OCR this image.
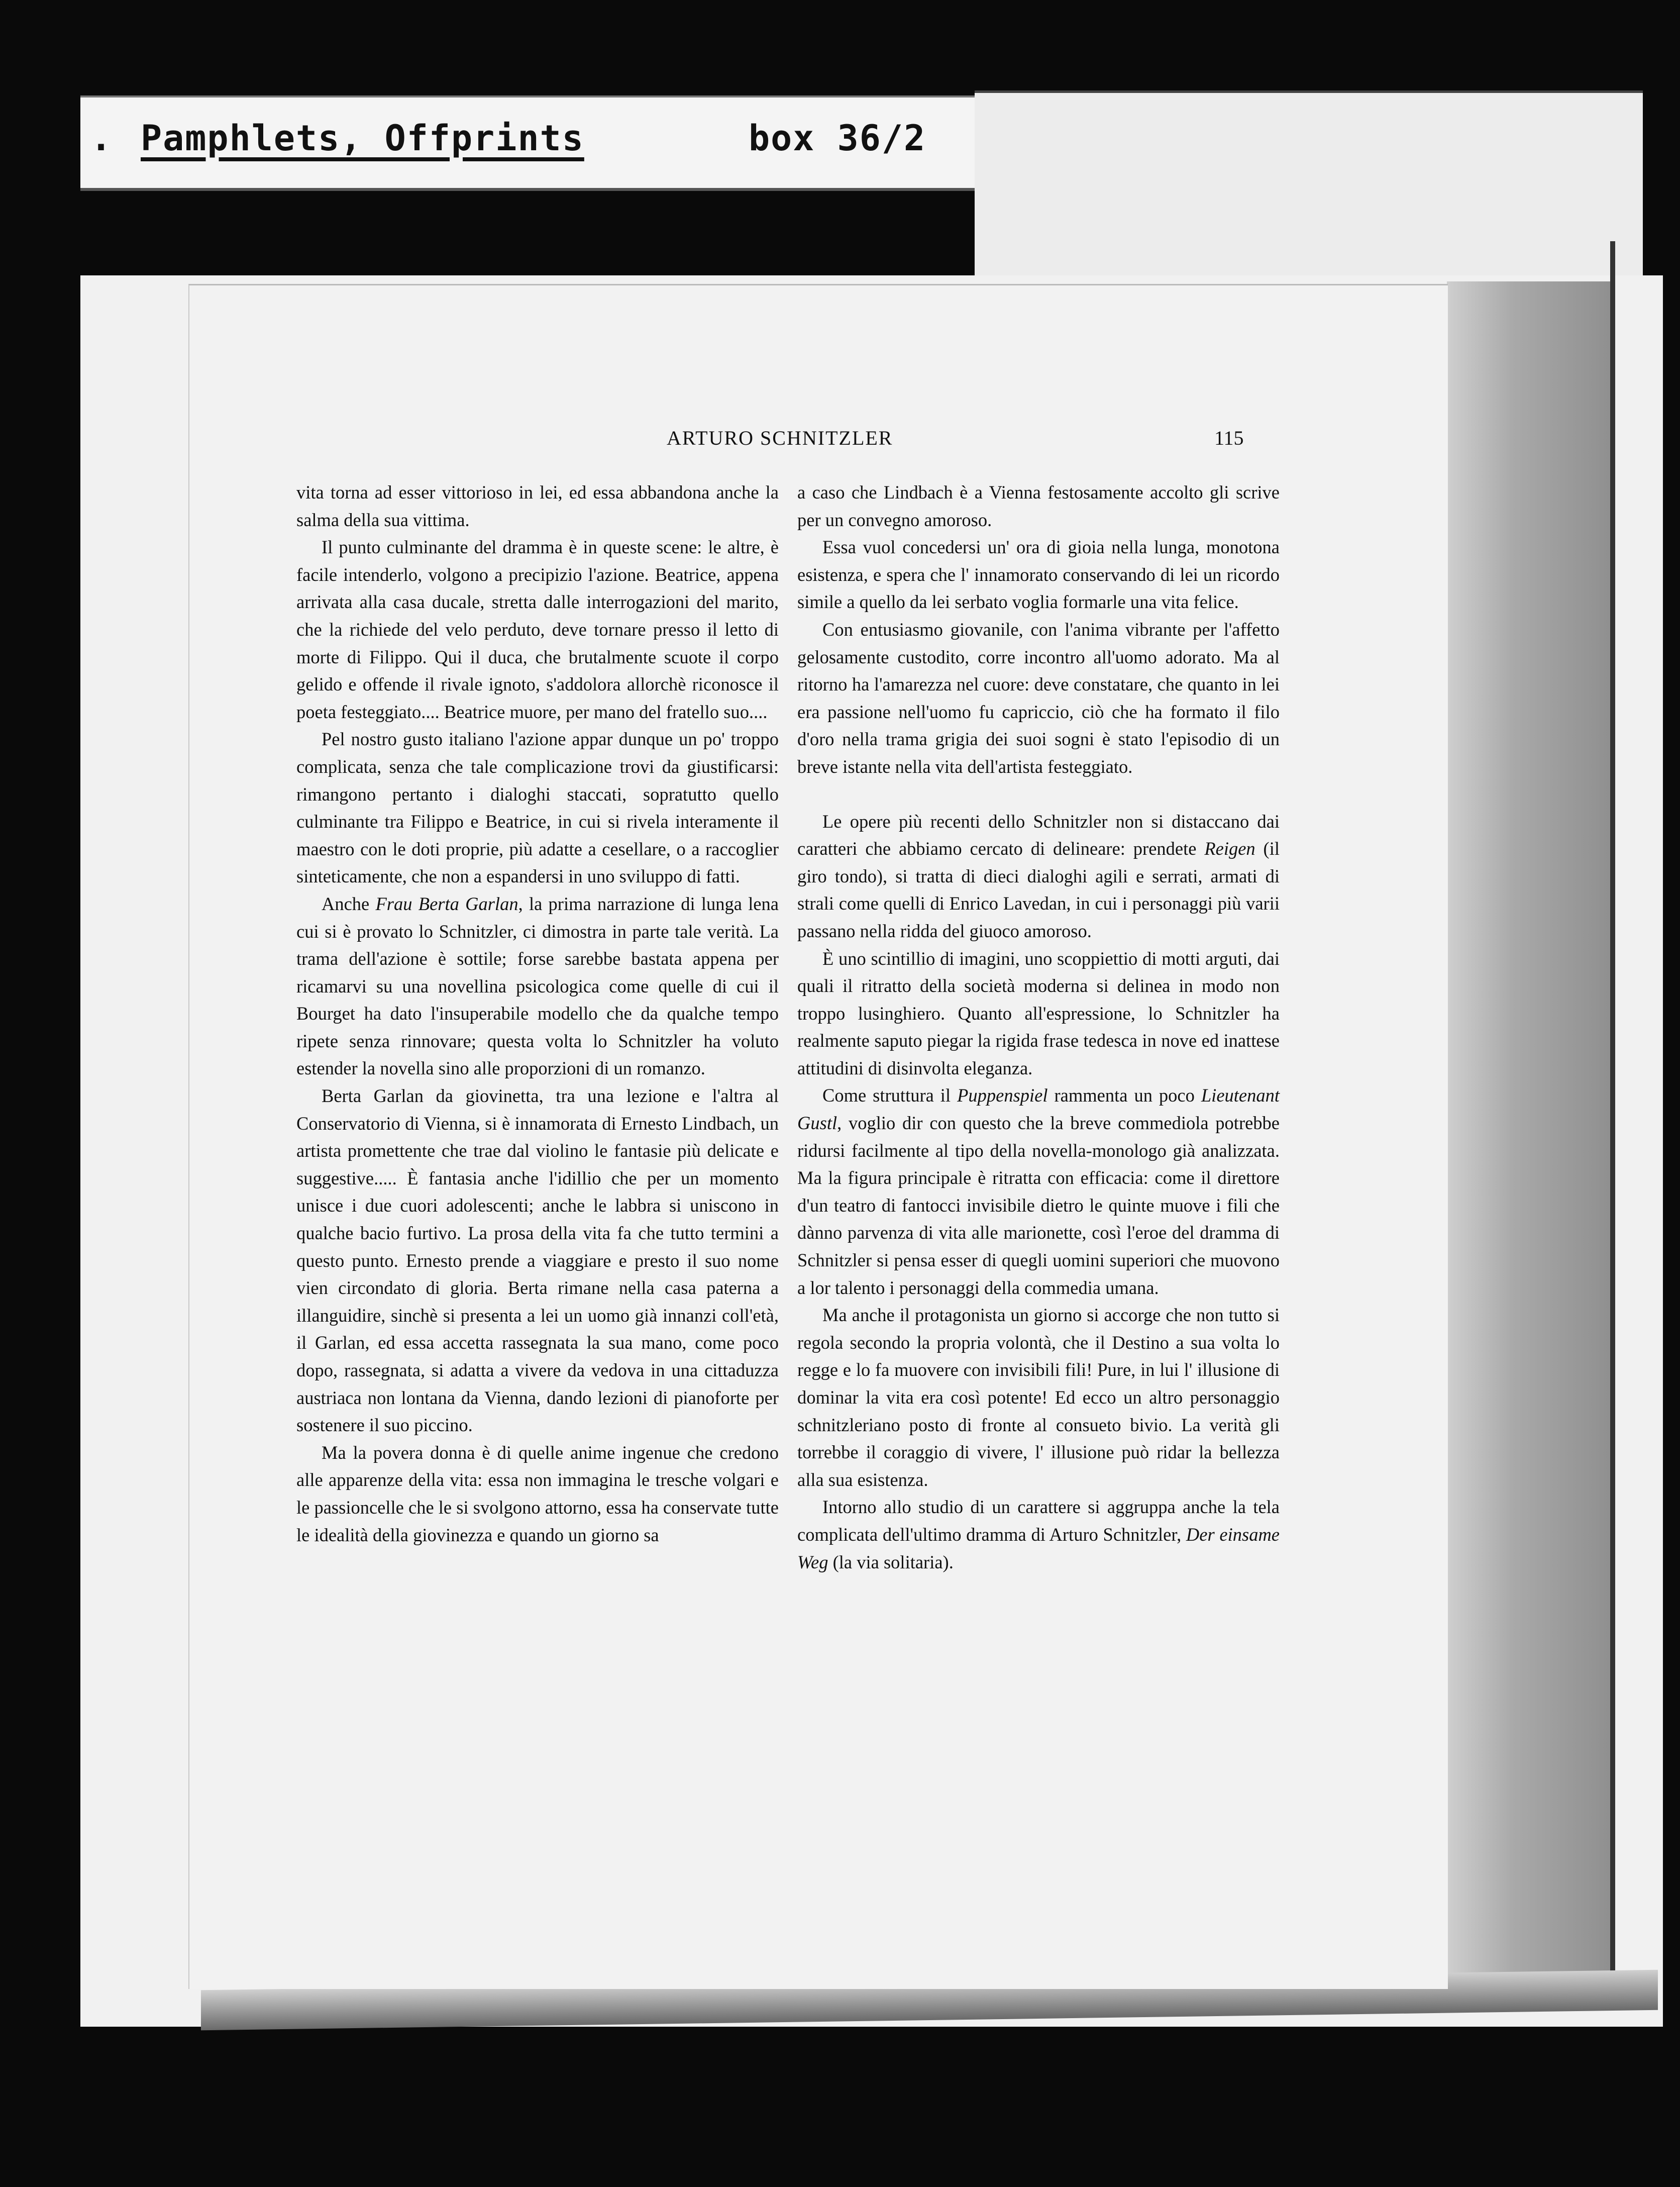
. Pamphlets, Offprints	box 36/2
ARTURO SCHNITZLER	115

vita torna ad esser vittorioso in lei, ed essa abbandona anche la salma della sua vittima.

Il punto culminante del dramma è in queste scene: le altre, è facile intenderlo, volgono a precipizio l'azione. Beatrice, appena arrivata alla casa ducale, stretta dalle interrogazioni del marito, che la richiede del velo perduto, deve tornare presso il letto di morte di Filippo. Qui il duca, che brutalmente scuote il corpo gelido e offende il rivale ignoto, s'addolora allorchè riconosce il poeta festeggiato.... Beatrice muore, per mano del fratello suo....

Pel nostro gusto italiano l'azione appar dunque un po' troppo complicata, senza che tale complicazione trovi da giustificarsi: rimangono pertanto i dialoghi staccati, sopratutto quello culminante tra Filippo e Beatrice, in cui si rivela interamente il maestro con le doti proprie, più adatte a cesellare, o a raccoglier sinteticamente, che non a espandersi in uno sviluppo di fatti.

Anche Frau Berta Garlan, la prima narrazione di lunga lena cui si è provato lo Schnitzler, ci dimostra in parte tale verità. La trama dell'azione è sottile; forse sarebbe bastata appena per ricamarvi su una novellina psicologica come quelle di cui il Bourget ha dato l'insuperabile modello che da qualche tempo ripete senza rinnovare; questa volta lo Schnitzler ha voluto estender la novella sino alle proporzioni di un romanzo.

Berta Garlan da giovinetta, tra una lezione e l'altra al Conservatorio di Vienna, si è innamorata di Ernesto Lindbach, un artista promettente che trae dal violino le fantasie più delicate e suggestive..... È fantasia anche l'idillio che per un momento unisce i due cuori adolescenti; anche le labbra si uniscono in qualche bacio furtivo. La prosa della vita fa che tutto termini a questo punto. Ernesto prende a viaggiare e presto il suo nome vien circondato di gloria. Berta rimane nella casa paterna a illanguidire, sinchè si presenta a lei un uomo già innanzi coll'età, il Garlan, ed essa accetta rassegnata la sua mano, come poco dopo, rassegnata, si adatta a vivere da vedova in una cittaduzza austriaca non lontana da Vienna, dando lezioni di pianoforte per sostenere il suo piccino.

Ma la povera donna è di quelle anime ingenue che credono alle apparenze della vita: essa non immagina le tresche volgari e le passioncelle che le si svolgono attorno, essa ha conservate tutte le idealità della giovinezza e quando un giorno sa

a caso che Lindbach è a Vienna festosamente accolto gli scrive per un convegno amoroso.

Essa vuol concedersi un' ora di gioia nella lunga, monotona esistenza, e spera che l' innamorato conservando di lei un ricordo simile a quello da lei serbato voglia formarle una vita felice.

Con entusiasmo giovanile, con l'anima vibrante per l'affetto gelosamente custodito, corre incontro all'uomo adorato. Ma al ritorno ha l'amarezza nel cuore: deve constatare, che quanto in lei era passione nell'uomo fu capriccio, ciò che ha formato il filo d'oro nella trama grigia dei suoi sogni è stato l'episodio di un breve istante nella vita dell'artista festeggiato.

Le opere più recenti dello Schnitzler non si distaccano dai caratteri che abbiamo cercato di delineare: prendete Reigen (il giro tondo), si tratta di dieci dialoghi agili e serrati, armati di strali come quelli di Enrico Lavedan, in cui i personaggi più varii passano nella ridda del giuoco amoroso.

È uno scintillio di imagini, uno scoppiettio di motti arguti, dai quali il ritratto della società moderna si delinea in modo non troppo lusinghiero. Quanto all'espressione, lo Schnitzler ha realmente saputo piegar la rigida frase tedesca in nove ed inattese attitudini di disinvolta eleganza.

Come struttura il Puppenspiel rammenta un poco Lieutenant Gustl, voglio dir con questo che la breve commediola potrebbe ridursi facilmente al tipo della novella-monologo già analizzata. Ma la figura principale è ritratta con efficacia: come il direttore d'un teatro di fantocci invisibile dietro le quinte muove i fili che dànno parvenza di vita alle marionette, così l'eroe del dramma di Schnitzler si pensa esser di quegli uomini superiori che muovono a lor talento i personaggi della commedia umana.

Ma anche il protagonista un giorno si accorge che non tutto si regola secondo la propria volontà, che il Destino a sua volta lo regge e lo fa muovere con invisibili fili! Pure, in lui l' illusione di dominar la vita era così potente! Ed ecco un altro personaggio schnitzleriano posto di fronte al consueto bivio. La verità gli torrebbe il coraggio di vivere, l' illusione può ridar la bellezza alla sua esistenza.

Intorno allo studio di un carattere si aggruppa anche la tela complicata dell'ultimo dramma di Arturo Schnitzler, Der einsame Weg (la via solitaria).
